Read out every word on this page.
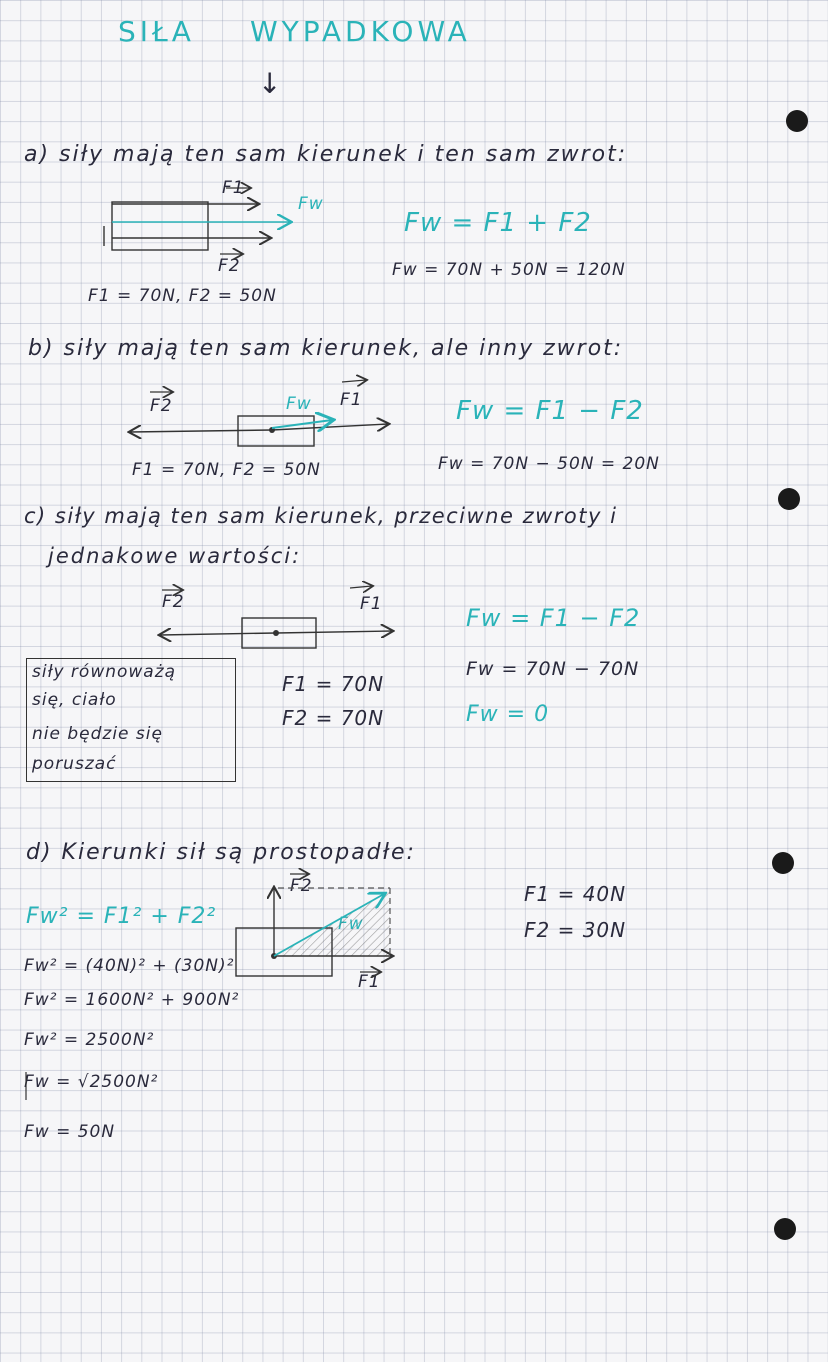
SIŁA WYPADKOWA
↓
a) siły mają ten sam kierunek i ten sam zwrot:
F1
Fw
Fw = F1 + F2
Fw = 70N + 50N = 120N
F2
F1 = 70N, F2 = 50N
b) siły mają ten sam kierunek, ale inny zwrot:
F2	Fw F1	Fw = F1 − F2
F1 = 70N, F2 = 50N	Fw = 70N − 50N = 20N
c) siły mają ten sam kierunek, przeciwne zwroty i
jednakowe wartości:
F2	F1	Fw = F1 − F2
Fw = 70N − 70N
Fw = 0
siły równoważą
się, ciało
nie będzie się
poruszać
F1 = 70N
F2 = 70N
d) Kierunki sił są prostopadłe:
F2
F1
Fw² = F1² + F2²
Fw² = (40N)² + (30N)²
Fw² = 1600N² + 900N²
Fw² = 2500N²
Fw = √2500N²
Fw = 50N
F1 = 40N
F2 = 30N
